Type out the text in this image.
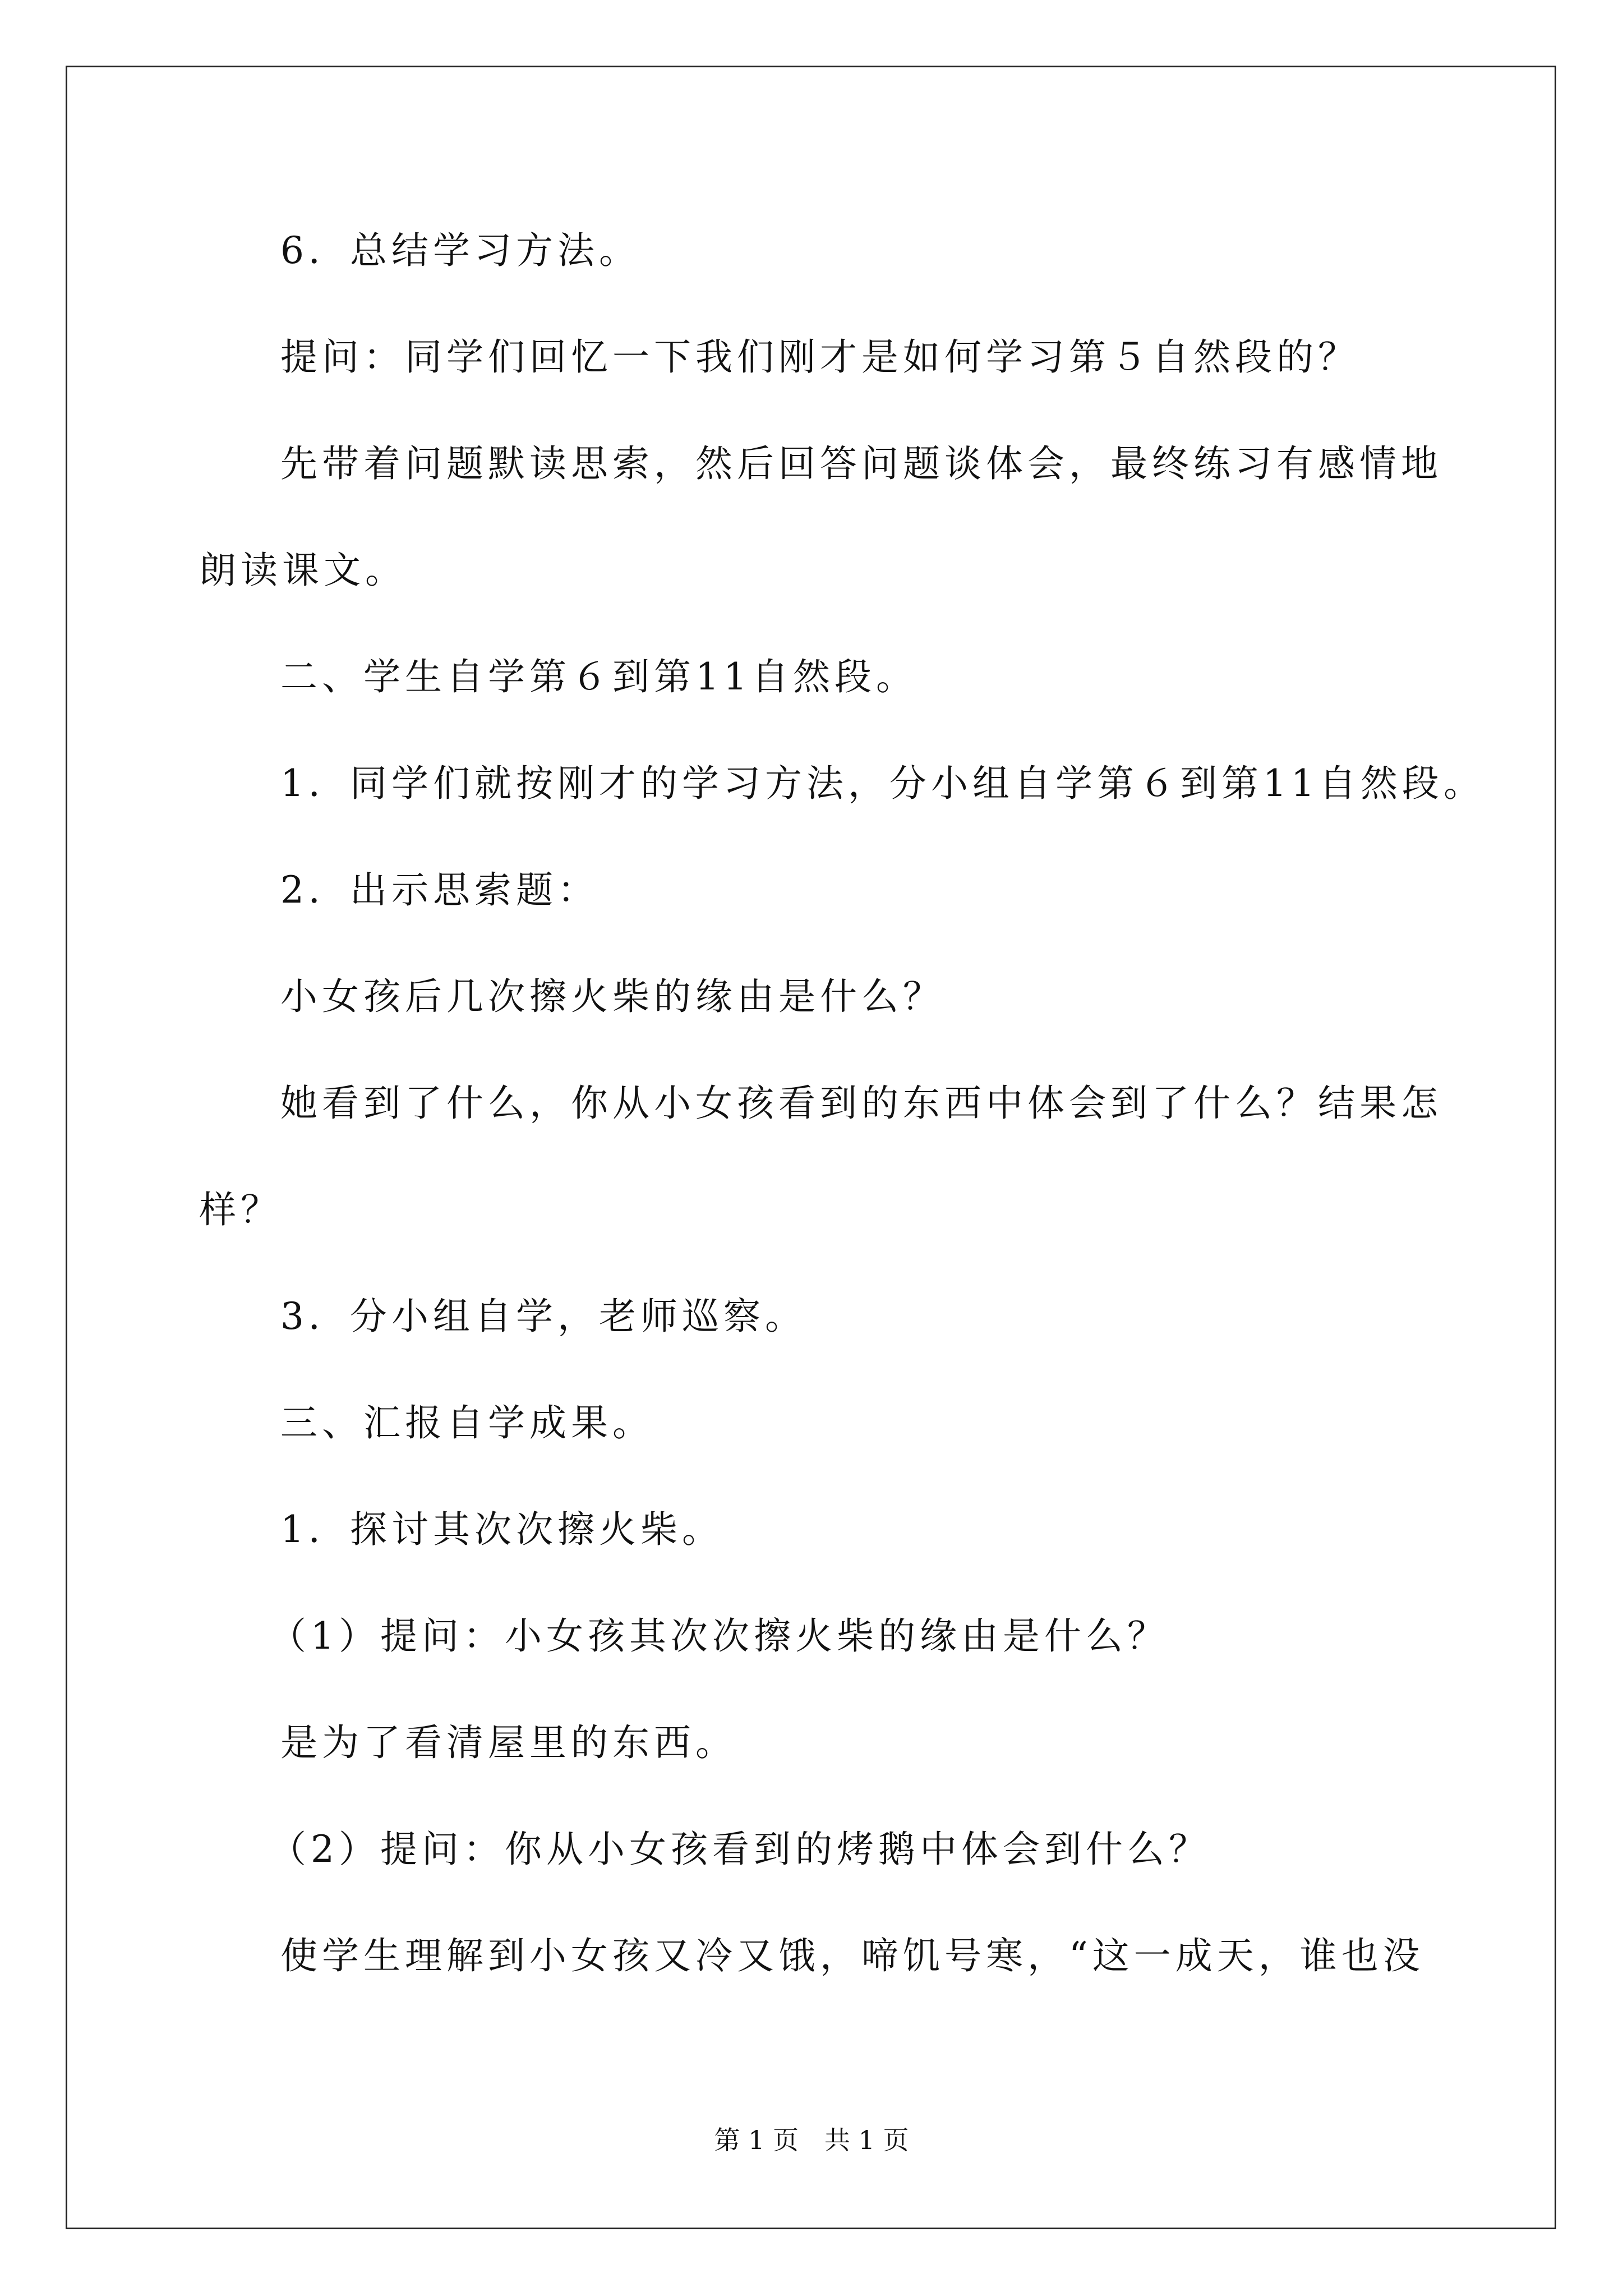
6．总结学习方法。
提问：同学们回忆一下我们刚才是如何学习第５自然段的？
先带着问题默读思索，然后回答问题谈体会，最终练习有感情地
朗读课文。
二、学生自学第６到第11自然段。
1．同学们就按刚才的学习方法，分小组自学第６到第11自然段。
2．出示思索题：
小女孩后几次擦火柴的缘由是什么？
她看到了什么，你从小女孩看到的东西中体会到了什么？结果怎
样？
3．分小组自学，老师巡察。
三、汇报自学成果。
1．探讨其次次擦火柴。
（1）提问：小女孩其次次擦火柴的缘由是什么？
是为了看清屋里的东西。
（2）提问：你从小女孩看到的烤鹅中体会到什么？
使学生理解到小女孩又冷又饿，啼饥号寒，“这一成天，谁也没
第 1 页　共 1 页
